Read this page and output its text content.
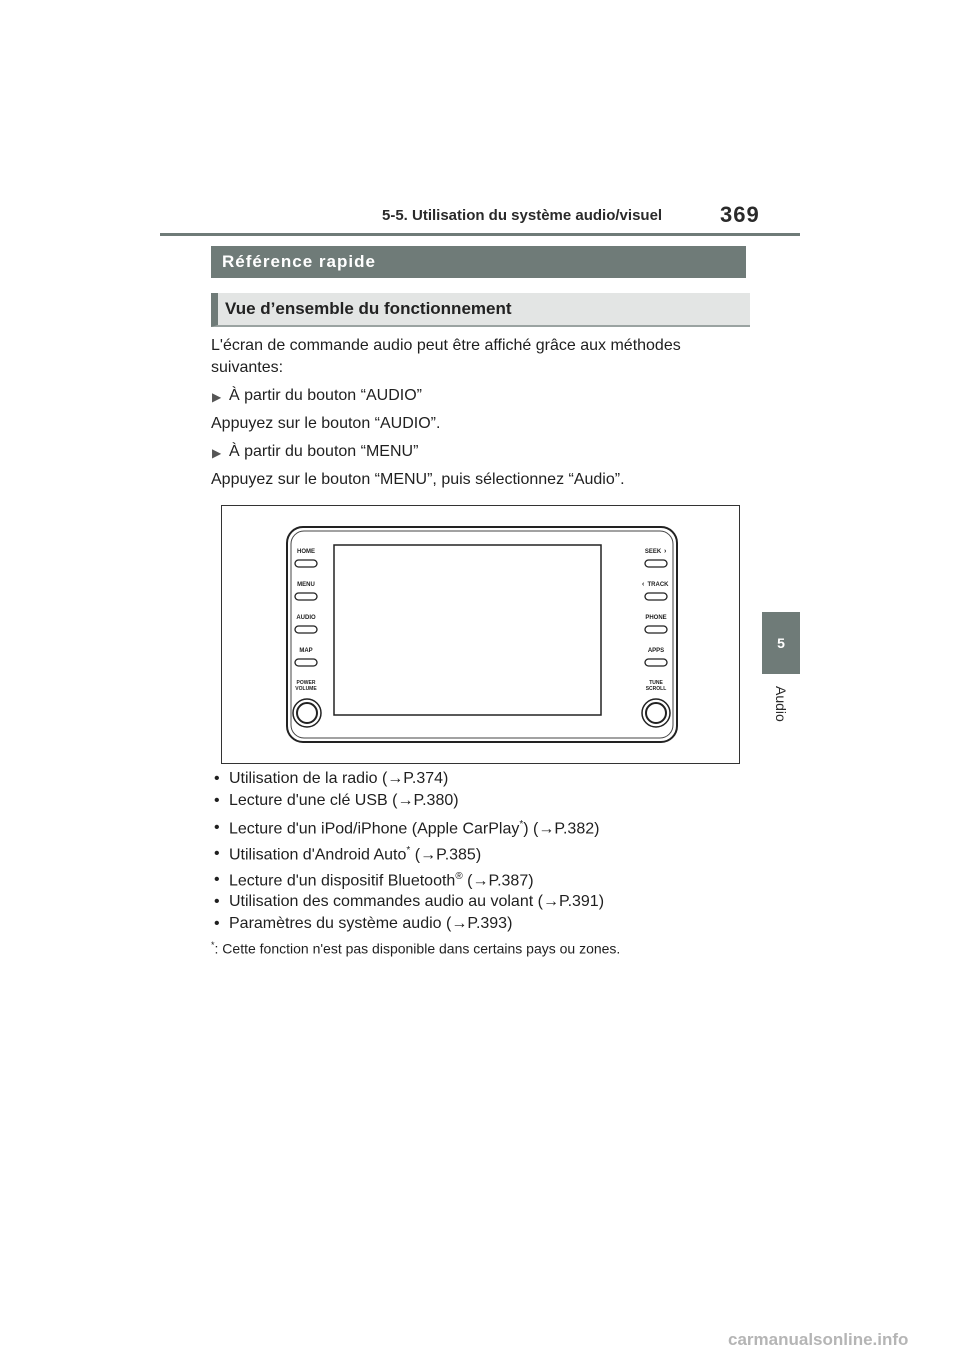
5-5. Utilisation du système audio/visuel	369
5
Audio
Référence rapide
Vue d’ensemble du fonctionnement
L'écran de commande audio peut être affiché grâce aux méthodes
suivantes:
▶ À partir du bouton “AUDIO”
Appuyez sur le bouton “AUDIO”.
▶ À partir du bouton “MENU”
Appuyez sur le bouton “MENU”, puis sélectionnez “Audio”.
HOME
MENU
AUDIO
MAP
POWER
VOLUME
SEEK ›
‹ TRACK
PHONE
APPS
TUNE
SCROLL
• Utilisation de la radio (→P.374)
• Lecture d'une clé USB (→P.380)
• Lecture d'un iPod/iPhone (Apple CarPlay*) (→P.382)
• Utilisation d'Android Auto* (→P.385)
• Lecture d'un dispositif Bluetooth® (→P.387)
• Utilisation des commandes audio au volant (→P.391)
• Paramètres du système audio (→P.393)
*: Cette fonction n'est pas disponible dans certains pays ou zones.
carmanualsonline.info
